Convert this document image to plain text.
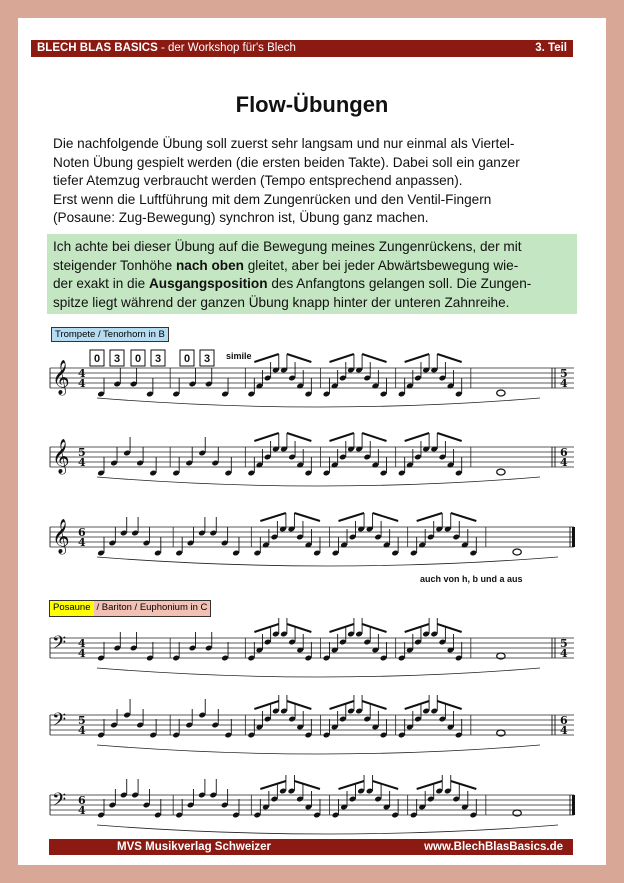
BLECH BLAS BASICS - der Workshop für's Blech	3. Teil
Flow-Übungen

Die nachfolgende Übung soll zuerst sehr langsam und nur einmal als Viertel-

Noten Übung gespielt werden (die ersten beiden Takte). Dabei soll ein ganzer

tiefer Atemzug verbraucht werden (Tempo entsprechend anpassen).

Erst wenn die Luftführung mit dem Zungenrücken und den Ventil-Fingern

(Posaune: Zug-Bewegung) synchron ist, Übung ganz machen.

Ich achte bei dieser Übung auf die Bewegung meines Zungenrückens, der mit
steigender Tonhöhe nach oben gleitet, aber bei jeder Abwärtsbewegung wie-
der exakt in die Ausgangsposition des Anfangtons gelangen soll. Die Zungen-
spitze liegt während der ganzen Übung knapp hinter der unteren Zahnreihe.
Trompete / Tenorhorn in B
Posaune / Bariton / Euphonium in C
simile
auch von h, b und a aus
0 3 0 3 0 3
𝄞 4
4
5
4
𝄞 5
4
6
4
𝄞 6
4
𝄢 4
4
5
4
𝄢 5
4
6
4
𝄢 6
4
MVS Musikverlag Schweizer	www.BlechBlasBasics.de
